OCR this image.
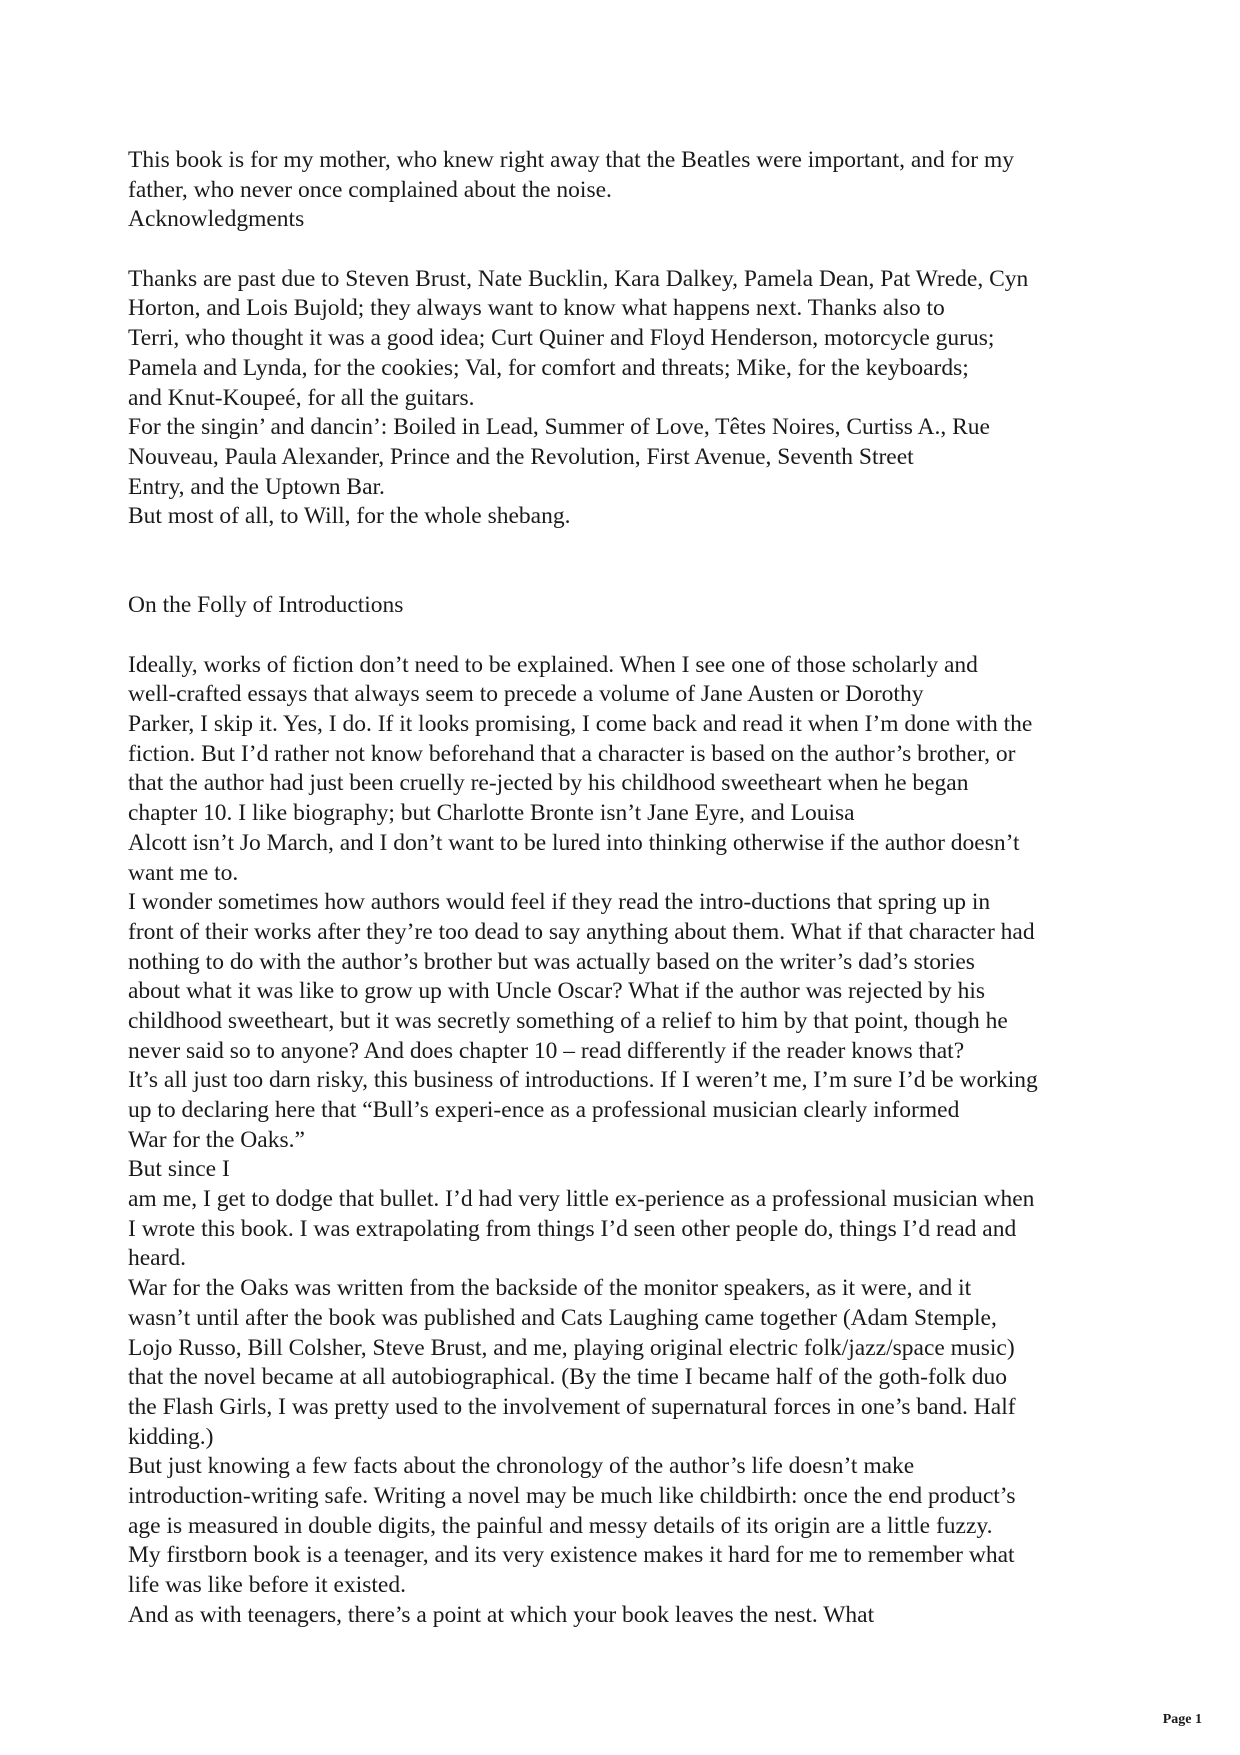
This book is for my mother, who knew right away that the Beatles were important, and for my
father, who never once complained about the noise.
Acknowledgments
Thanks are past due to Steven Brust, Nate Bucklin, Kara Dalkey, Pamela Dean, Pat Wrede, Cyn
Horton, and Lois Bujold; they always want to know what happens next. Thanks also to
Terri, who thought it was a good idea; Curt Quiner and Floyd Henderson, motorcycle gurus;
Pamela and Lynda, for the cookies; Val, for comfort and threats; Mike, for the keyboards;
and Knut-Koupeé, for all the guitars.
For the singin’ and dancin’: Boiled in Lead, Summer of Love, Têtes Noires, Curtiss A., Rue
Nouveau, Paula Alexander, Prince and the Revolution, First Avenue, Seventh Street
Entry, and the Uptown Bar.
But most of all, to Will, for the whole shebang.
On the Folly of Introductions
Ideally, works of fiction don’t need to be explained. When I see one of those scholarly and
well-crafted essays that always seem to precede a volume of Jane Austen or Dorothy
Parker, I skip it. Yes, I do. If it looks promising, I come back and read it when I’m done with the
fiction. But I’d rather not know beforehand that a character is based on the author’s brother, or
that the author had just been cruelly re-jected by his childhood sweetheart when he began
chapter 10. I like biography; but Charlotte Bronte isn’t Jane Eyre, and Louisa
Alcott isn’t Jo March, and I don’t want to be lured into thinking otherwise if the author doesn’t
want me to.
I wonder sometimes how authors would feel if they read the intro-ductions that spring up in
front of their works after they’re too dead to say anything about them. What if that character had
nothing to do with the author’s brother but was actually based on the writer’s dad’s stories
about what it was like to grow up with Uncle Oscar? What if the author was rejected by his
childhood sweetheart, but it was secretly something of a relief to him by that point, though he
never said so to anyone? And does chapter 10 – read differently if the reader knows that?
It’s all just too darn risky, this business of introductions. If I weren’t me, I’m sure I’d be working
up to declaring here that “Bull’s experi-ence as a professional musician clearly informed
War for the Oaks.”
But since I
am me, I get to dodge that bullet. I’d had very little ex-perience as a professional musician when
I wrote this book. I was extrapolating from things I’d seen other people do, things I’d read and
heard.
War for the Oaks was written from the backside of the monitor speakers, as it were, and it
wasn’t until after the book was published and Cats Laughing came together (Adam Stemple,
Lojo Russo, Bill Colsher, Steve Brust, and me, playing original electric folk/jazz/space music)
that the novel became at all autobiographical. (By the time I became half of the goth-folk duo
the Flash Girls, I was pretty used to the involvement of supernatural forces in one’s band. Half
kidding.)
But just knowing a few facts about the chronology of the author’s life doesn’t make
introduction-writing safe. Writing a novel may be much like childbirth: once the end product’s
age is measured in double digits, the painful and messy details of its origin are a little fuzzy.
My firstborn book is a teenager, and its very existence makes it hard for me to remember what
life was like before it existed.
And as with teenagers, there’s a point at which your book leaves the nest. What
Page 1
